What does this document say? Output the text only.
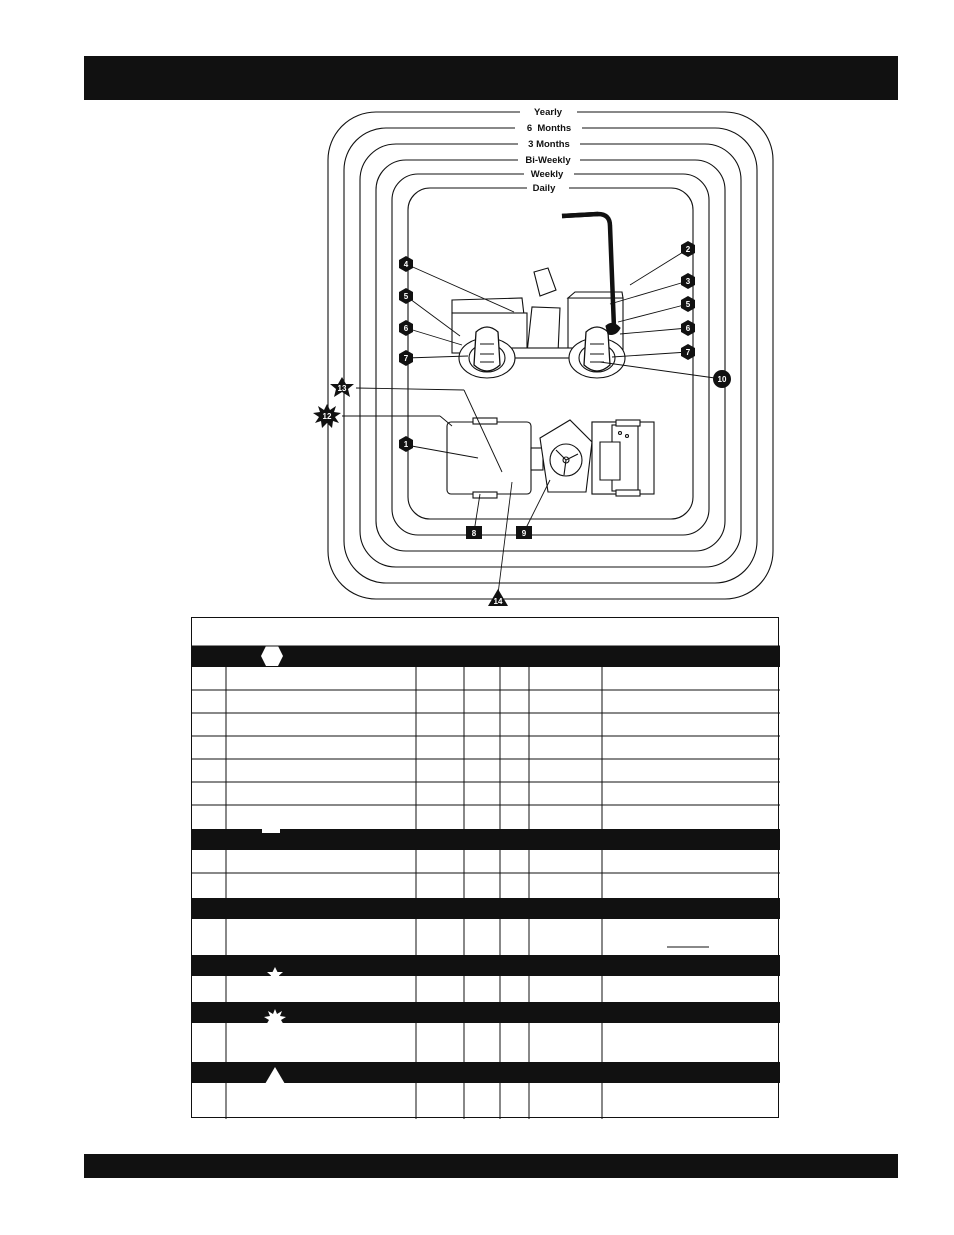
Yearly
6  Months
3 Months
Bi-Weekly
Weekly
Daily
1
2
3
4
5
5
6	6
7
7
10
8	9
13
12
14
